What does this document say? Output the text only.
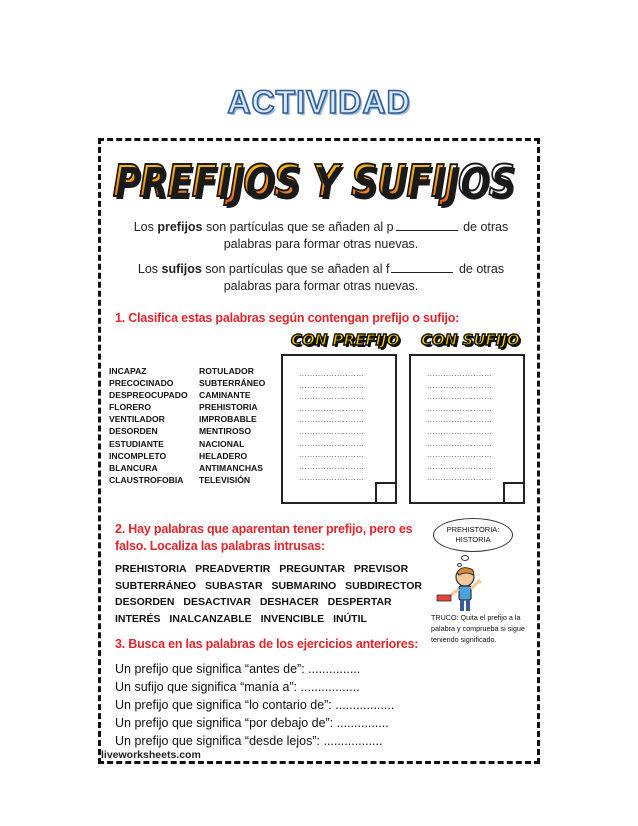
ACTIVIDAD
PREFIJOS Y SUFIJOS
Los prefijos son partículas que se añaden al p	de otras
palabras para formar otras nuevas.
Los sufijos son partículas que se añaden al f	de otras
palabras para formar otras nuevas.
1. Clasifica estas palabras según contengan prefijo o sufijo:
CON PREFIJO CON SUFIJO
INCAPAZ
PRECOCINADO
DESPREOCUPADO
FLORERO
VENTILADOR
DESORDEN
ESTUDIANTE
INCOMPLETO
BLANCURA
CLAUSTROFOBIA
ROTULADOR
SUBTERRÁNEO
CAMINANTE
PREHISTORIA
IMPROBABLE
MENTIROSO
NACIONAL
HELADERO
ANTIMANCHAS
TELEVISIÓN
........................
........................
........................
........................
........................
........................
........................
........................
........................
........................
........................
........................
........................
........................
........................
........................
........................
........................
........................
........................
2. Hay palabras que aparentan tener prefijo, pero es
falso. Localiza las palabras intrusas:
PREHISTORIA PREADVERTIR PREGUNTAR PREVISOR
SUBTERRÁNEO SUBASTAR SUBMARINO SUBDIRECTOR
DESORDEN DESACTIVAR DESHACER DESPERTAR
INTERÉS INALCANZABLE INVENCIBLE INÚTIL
PREHISTORIA:
HISTORIA
TRUCO: Quita el prefijo a la palabra y comprueba si sigue teniendo significado.
3. Busca en las palabras de los ejercicios anteriores:
Un prefijo que significa “antes de”: ...............
Un sufijo que significa “manía a”: .................
Un prefijo que significa “lo contario de”: .................
Un prefijo que significa “por debajo de”: ...............
Un prefijo que significa “desde lejos”: .................
liveworksheets.com
